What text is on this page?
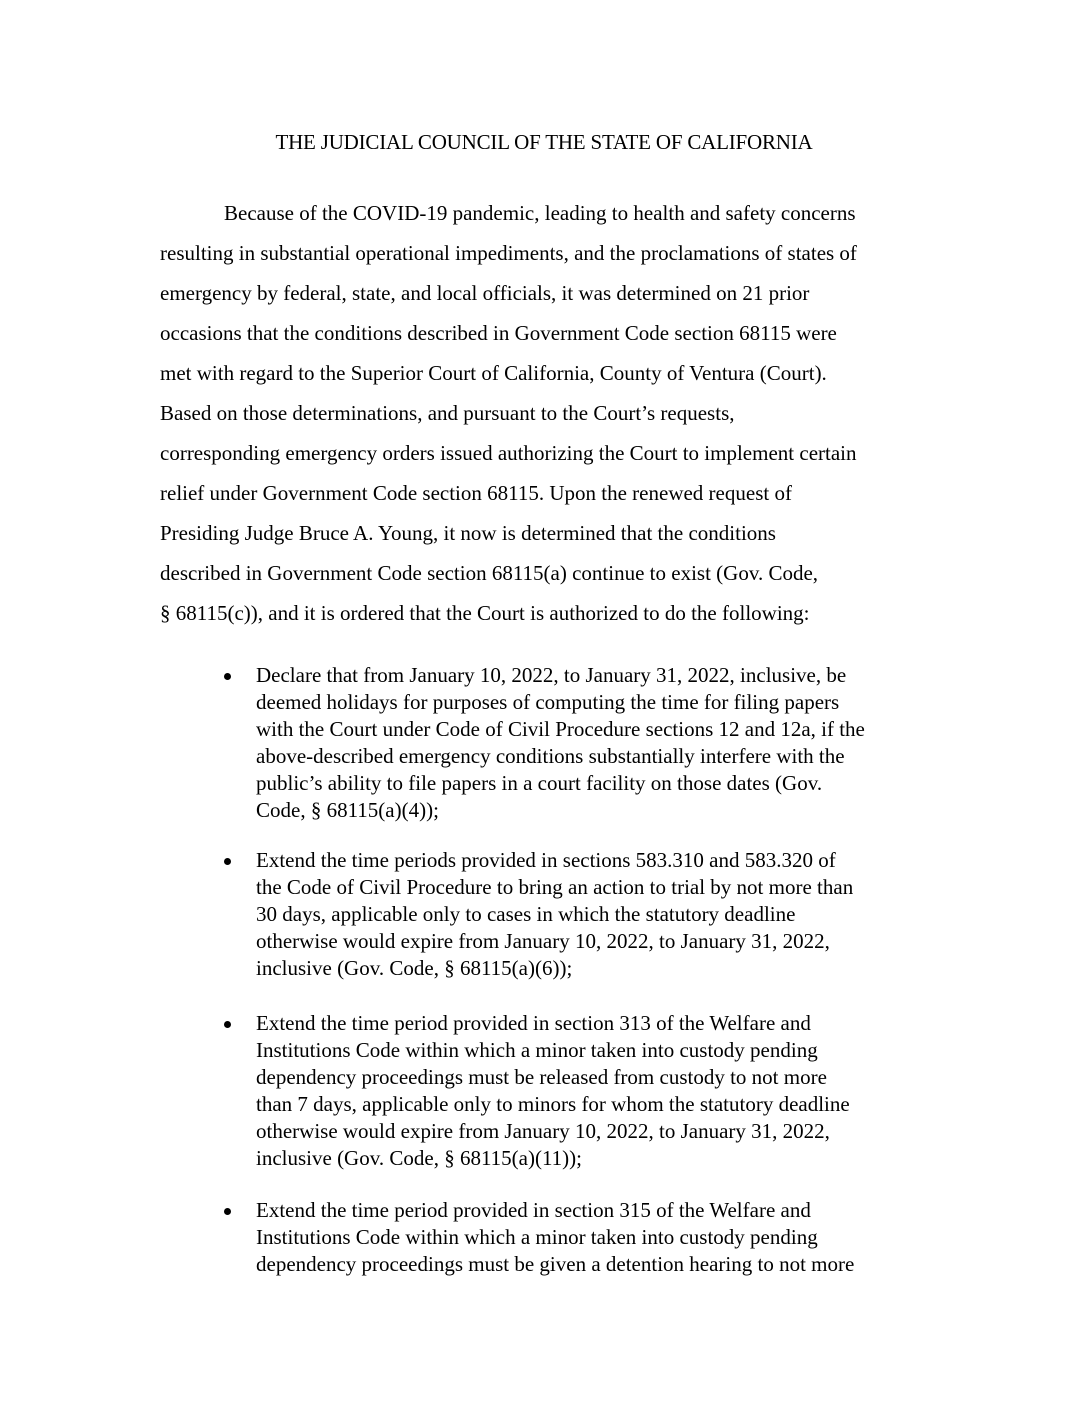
THE JUDICIAL COUNCIL OF THE STATE OF CALIFORNIA
Because of the COVID-19 pandemic, leading to health and safety concerns
resulting in substantial operational impediments, and the proclamations of states of
emergency by federal, state, and local officials, it was determined on 21 prior
occasions that the conditions described in Government Code section 68115 were
met with regard to the Superior Court of California, County of Ventura (Court).
Based on those determinations, and pursuant to the Court’s requests,
corresponding emergency orders issued authorizing the Court to implement certain
relief under Government Code section 68115. Upon the renewed request of
Presiding Judge Bruce A. Young, it now is determined that the conditions
described in Government Code section 68115(a) continue to exist (Gov. Code,
§ 68115(c)), and it is ordered that the Court is authorized to do the following:
Declare that from January 10, 2022, to January 31, 2022, inclusive, be
deemed holidays for purposes of computing the time for filing papers
with the Court under Code of Civil Procedure sections 12 and 12a, if the
above-described emergency conditions substantially interfere with the
public’s ability to file papers in a court facility on those dates (Gov.
Code, § 68115(a)(4));
Extend the time periods provided in sections 583.310 and 583.320 of
the Code of Civil Procedure to bring an action to trial by not more than
30 days, applicable only to cases in which the statutory deadline
otherwise would expire from January 10, 2022, to January 31, 2022,
inclusive (Gov. Code, § 68115(a)(6));
Extend the time period provided in section 313 of the Welfare and
Institutions Code within which a minor taken into custody pending
dependency proceedings must be released from custody to not more
than 7 days, applicable only to minors for whom the statutory deadline
otherwise would expire from January 10, 2022, to January 31, 2022,
inclusive (Gov. Code, § 68115(a)(11));
Extend the time period provided in section 315 of the Welfare and
Institutions Code within which a minor taken into custody pending
dependency proceedings must be given a detention hearing to not more
